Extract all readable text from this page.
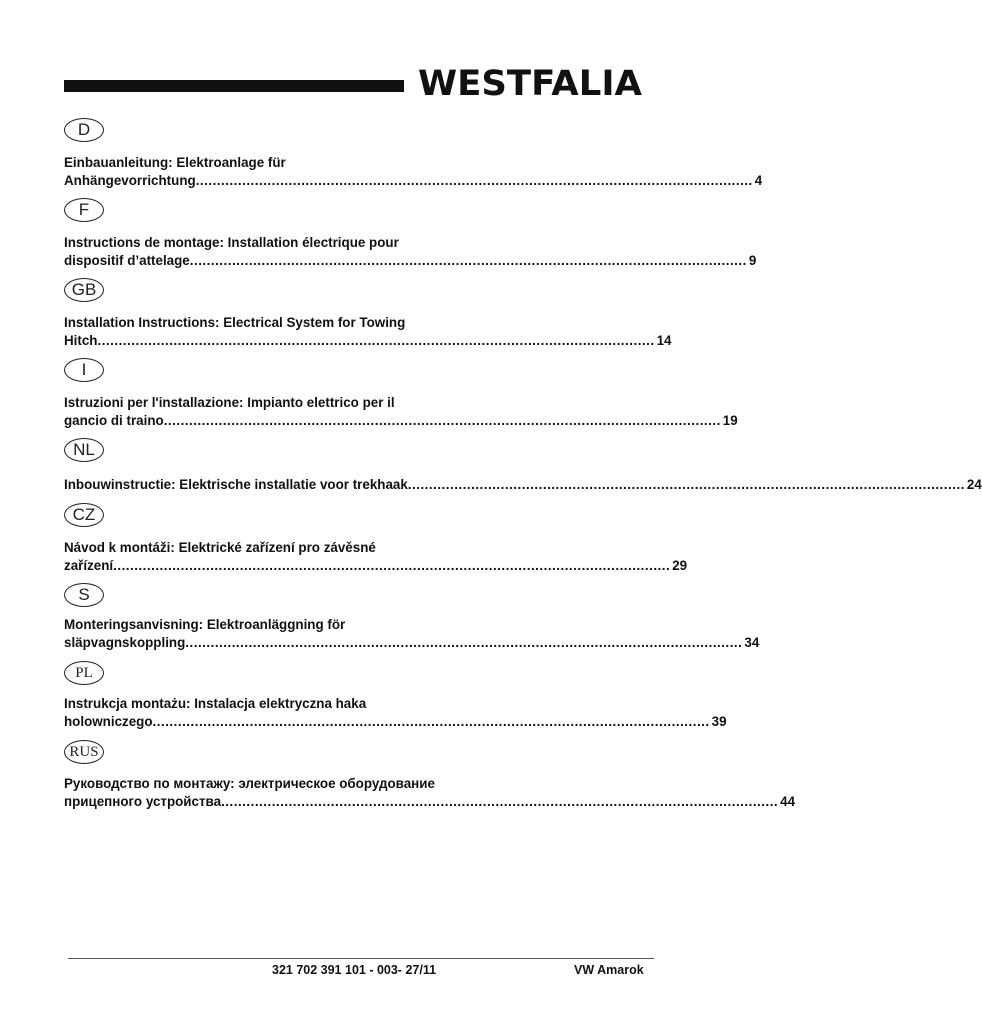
WESTFALIA
D
Einbauanleitung: Elektroanlage für
Anhängevorrichtung .................................................................................................................................... 4
F
Instructions de montage: Installation électrique pour
dispositif d’attelage .................................................................................................................................... 9
GB
Installation Instructions: Electrical System for Towing
Hitch .................................................................................................................................... 14
I
Istruzioni per l'installazione: Impianto elettrico per il
gancio di traino .................................................................................................................................... 19
NL
Inbouwinstructie: Elektrische installatie voor trekhaak .................................................................................................................................... 24
CZ
Návod k montáži: Elektrické zařízení pro závěsné
zařízení .................................................................................................................................... 29
S
Monteringsanvisning: Elektroanläggning för
släpvagnskoppling .................................................................................................................................... 34
PL
Instrukcja montażu: Instalacja elektryczna haka
holowniczego .................................................................................................................................... 39
RUS
Руководство по монтажу: электрическое оборудование
прицепного устройства .................................................................................................................................... 44
321 702 391 101 - 003- 27/11	VW Amarok
